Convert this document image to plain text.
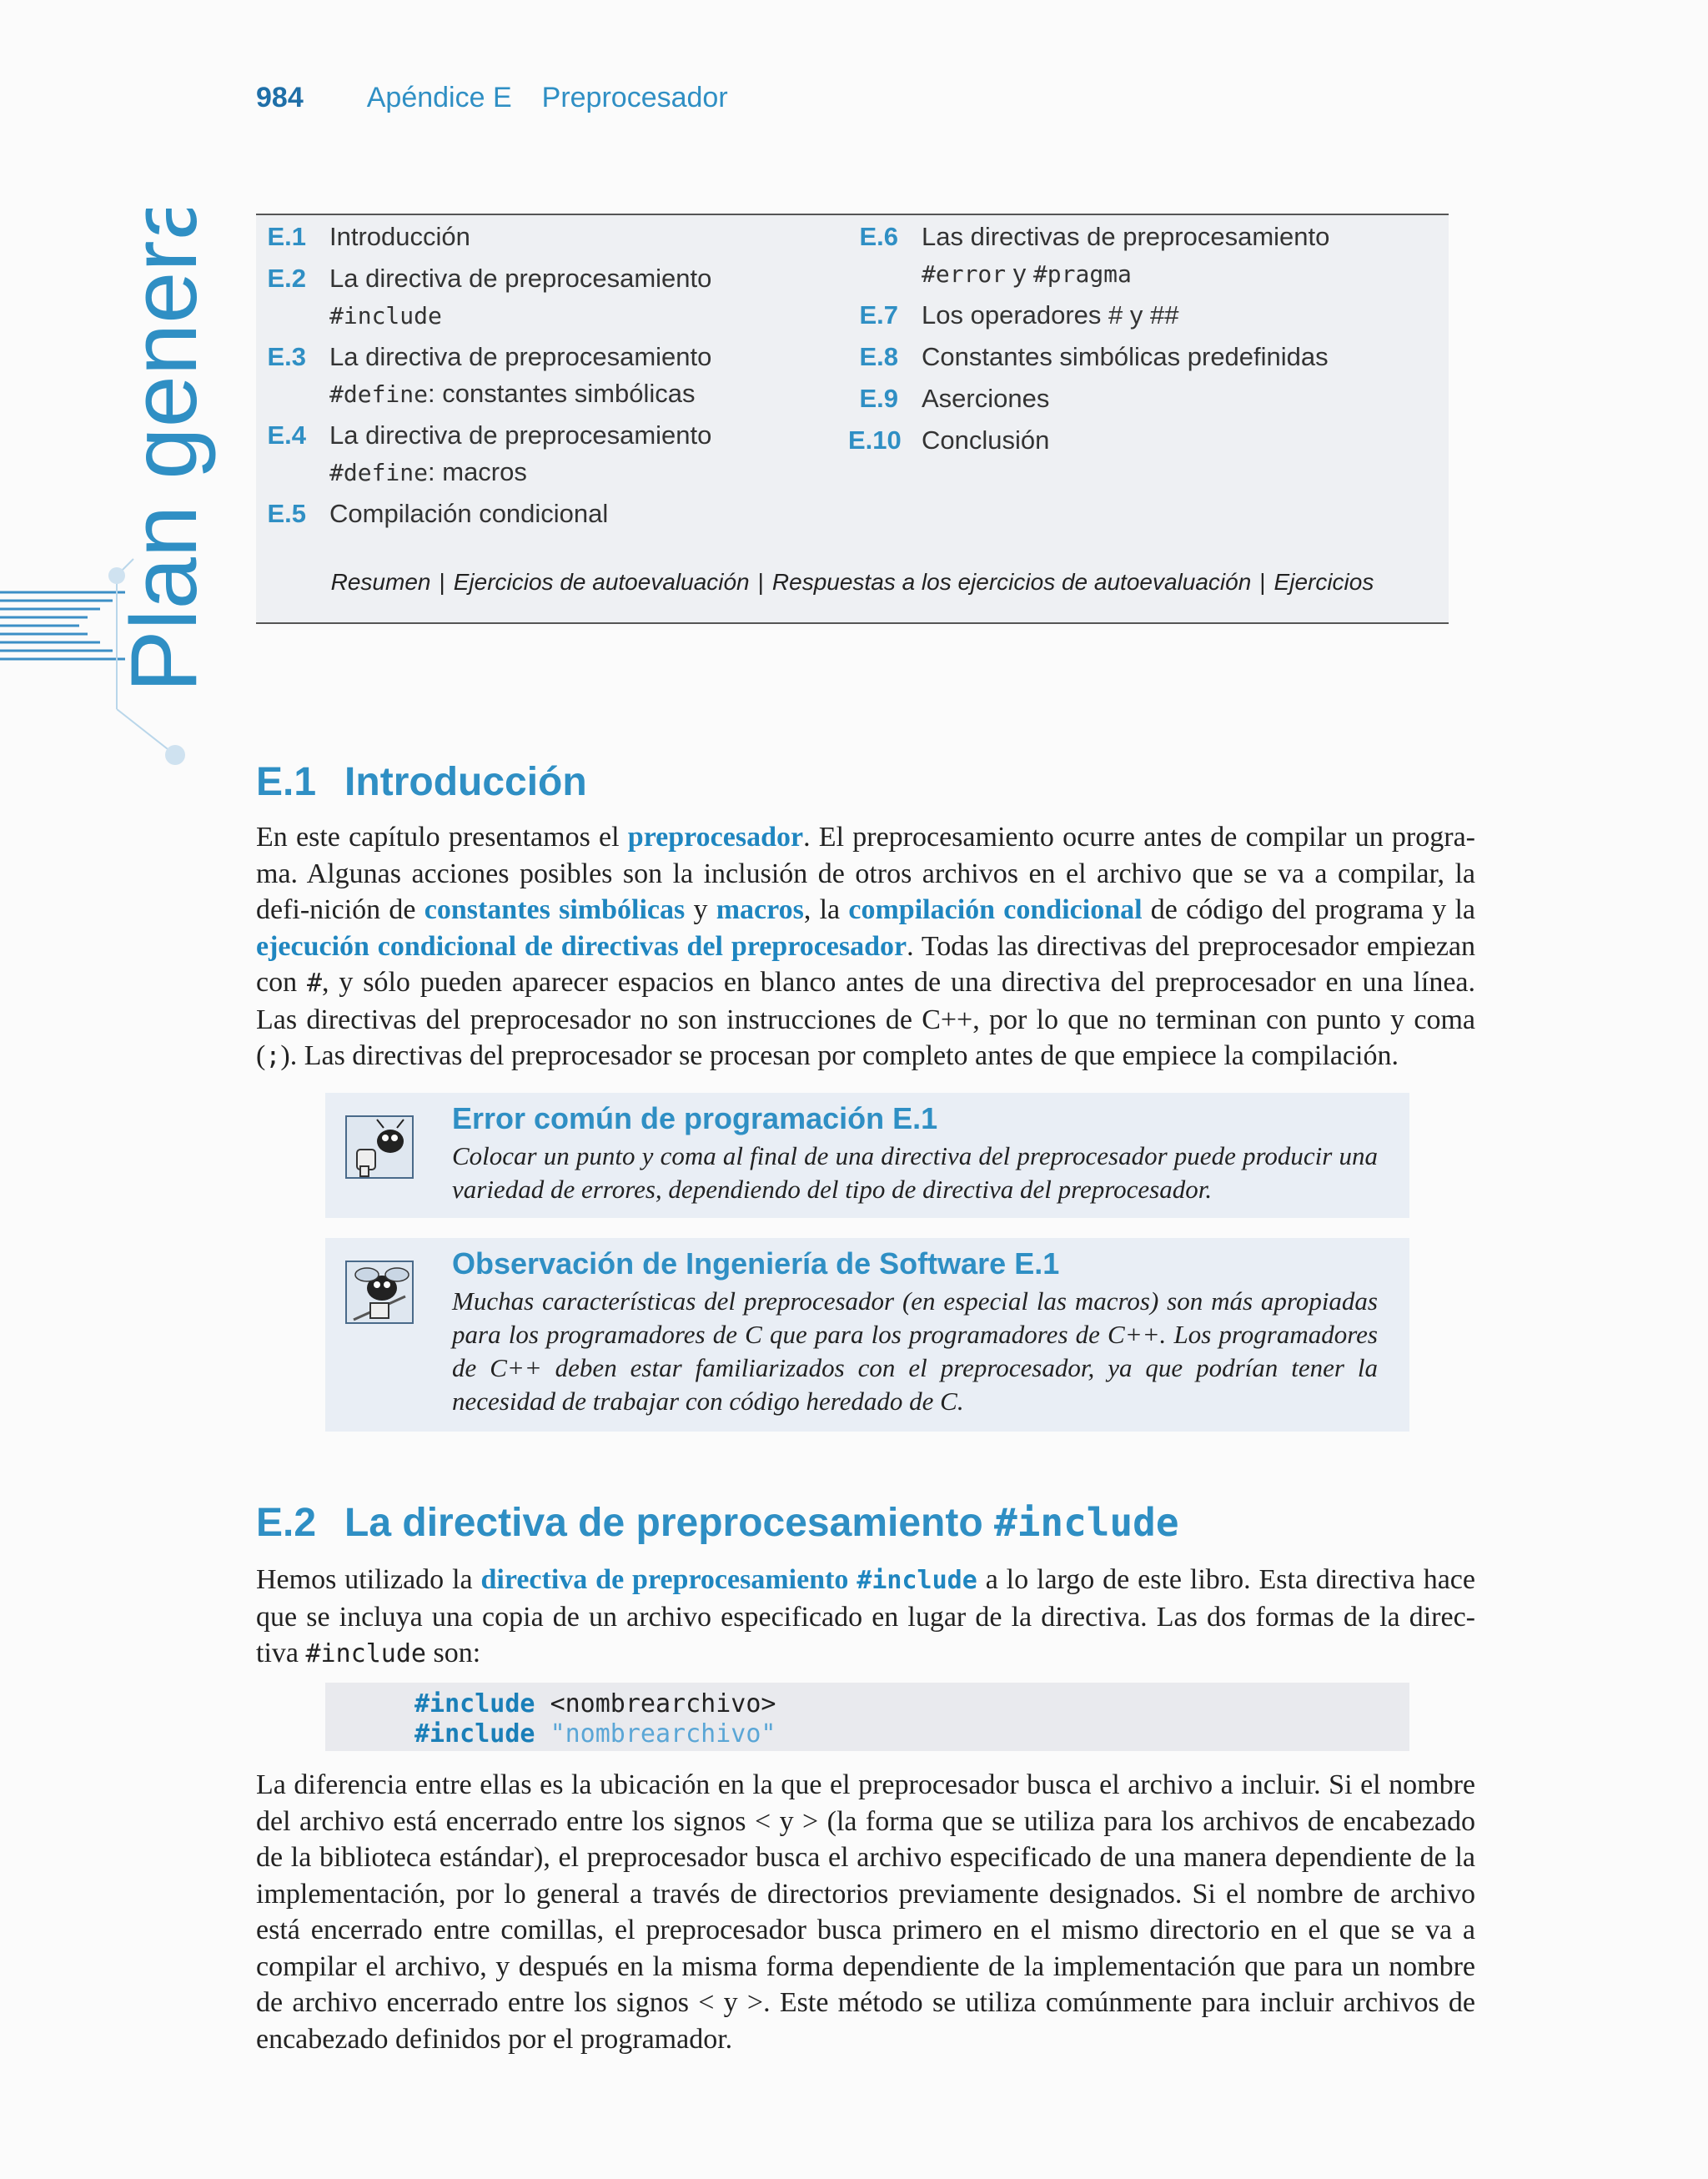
984 Apéndice E Preprocesador
Plan general	E.1 Introducción
E.2 La directiva de preprocesamiento
#include
E.3 La directiva de preprocesamiento
#define: constantes simbólicas
E.4 La directiva de preprocesamiento
#define: macros
E.5 Compilación condicional
E.6 Las directivas de preprocesamiento
#error y #pragma
E.7 Los operadores # y ##
E.8 Constantes simbólicas predefinidas
E.9 Aserciones
E.10 Conclusión
Resumen | Ejercicios de autoevaluación | Respuestas a los ejercicios de autoevaluación | Ejercicios
E.1 Introducción
En este capítulo presentamos el preprocesador. El preprocesamiento ocurre antes de compilar un progra-ma. Algunas acciones posibles son la inclusión de otros archivos en el archivo que se va a compilar, la defi-nición de constantes simbólicas y macros, la compilación condicional de código del programa y la ejecución condicional de directivas del preprocesador. Todas las directivas del preprocesador empiezan con #, y sólo pueden aparecer espacios en blanco antes de una directiva del preprocesador en una línea. Las directivas del preprocesador no son instrucciones de C++, por lo que no terminan con punto y coma (;). Las directivas del preprocesador se procesan por completo antes de que empiece la compilación.
Error común de programación E.1
Colocar un punto y coma al final de una directiva del preprocesador puede producir una variedad de errores, dependiendo del tipo de directiva del preprocesador.
Observación de Ingeniería de Software E.1
Muchas características del preprocesador (en especial las macros) son más apropiadas para los programadores de C que para los programadores de C++. Los programadores de C++ deben estar familiarizados con el preprocesador, ya que podrían tener la necesidad de trabajar con código heredado de C.
E.2 La directiva de preprocesamiento #include
Hemos utilizado la directiva de preprocesamiento #include a lo largo de este libro. Esta directiva hace que se incluya una copia de un archivo especificado en lugar de la directiva. Las dos formas de la direc-tiva #include son:
#include <nombrearchivo>
#include "nombrearchivo"
La diferencia entre ellas es la ubicación en la que el preprocesador busca el archivo a incluir. Si el nombre del archivo está encerrado entre los signos < y > (la forma que se utiliza para los archivos de encabezado de la biblioteca estándar), el preprocesador busca el archivo especificado de una manera dependiente de la implementación, por lo general a través de directorios previamente designados. Si el nombre de archivo está encerrado entre comillas, el preprocesador busca primero en el mismo directorio en el que se va a compilar el archivo, y después en la misma forma dependiente de la implementación que para un nombre de archivo encerrado entre los signos < y >. Este método se utiliza comúnmente para incluir archivos de encabezado definidos por el programador.
